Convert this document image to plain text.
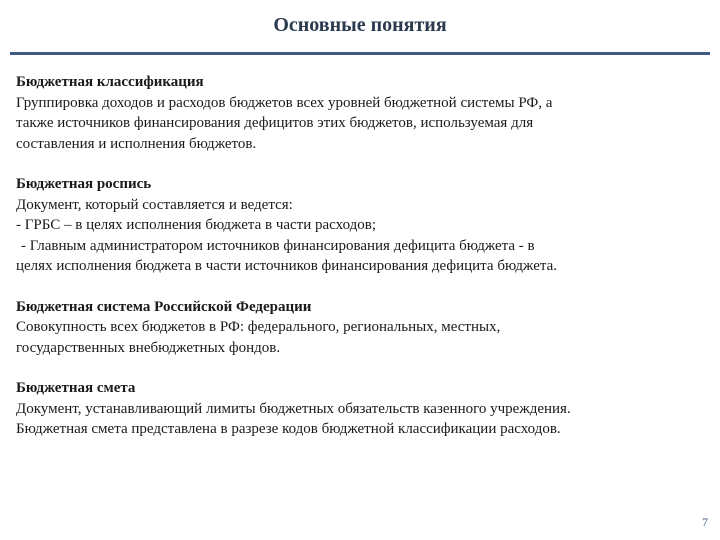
Основные понятия
Бюджетная классификация
Группировка доходов и расходов бюджетов всех уровней бюджетной системы РФ, а
также источников финансирования дефицитов этих бюджетов, используемая для
составления и исполнения бюджетов.
Бюджетная роспись
Документ, который составляется и ведется:
- ГРБС – в целях исполнения бюджета в части расходов;
- Главным администратором источников финансирования дефицита бюджета - в
целях исполнения бюджета в части источников финансирования дефицита бюджета.
Бюджетная система Российской Федерации
Совокупность всех бюджетов в РФ: федерального, региональных, местных,
государственных внебюджетных фондов.
Бюджетная смета
Документ, устанавливающий лимиты бюджетных обязательств казенного учреждения.
Бюджетная смета представлена в разрезе кодов бюджетной классификации расходов.
7
